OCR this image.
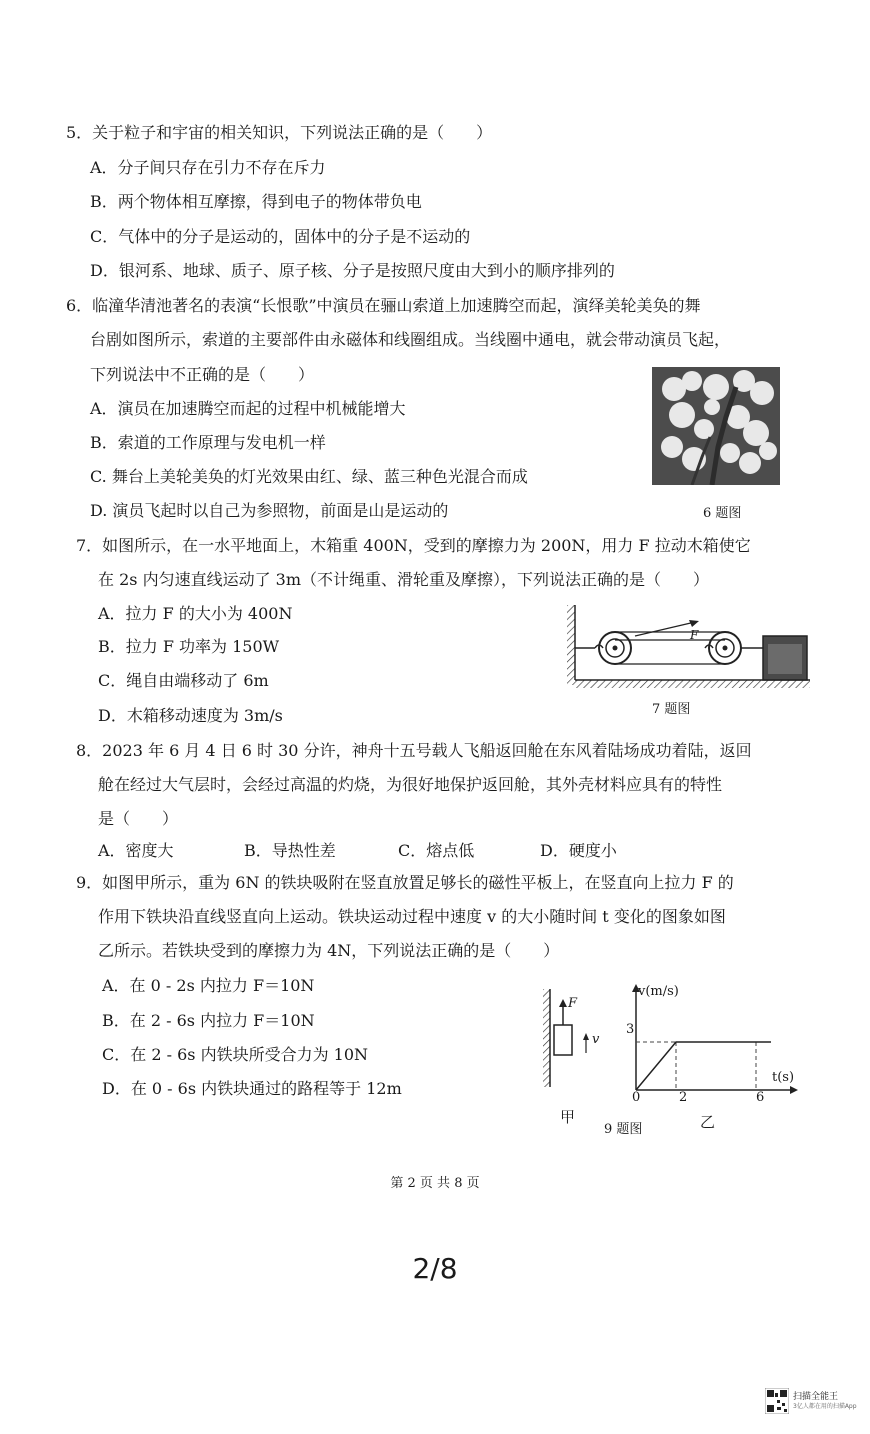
5．关于粒子和宇宙的相关知识，下列说法正确的是（　　）
A．分子间只存在引力不存在斥力
B．两个物体相互摩擦，得到电子的物体带负电
C．气体中的分子是运动的，固体中的分子是不运动的
D．银河系、地球、质子、原子核、分子是按照尺度由大到小的顺序排列的
6．临潼华清池著名的表演“长恨歌”中演员在骊山索道上加速腾空而起，演绎美轮美奂的舞
台剧如图所示，索道的主要部件由永磁体和线圈组成。当线圈中通电，就会带动演员飞起，
下列说法中不正确的是（　　）
A．演员在加速腾空而起的过程中机械能增大
B．索道的工作原理与发电机一样
C. 舞台上美轮美奂的灯光效果由红、绿、蓝三种色光混合而成
D. 演员飞起时以自己为参照物，前面是山是运动的	6 题图
7．如图所示，在一水平地面上，木箱重 400N，受到的摩擦力为 200N，用力 F 拉动木箱使它
在 2s 内匀速直线运动了 3m（不计绳重、滑轮重及摩擦），下列说法正确的是（　　）
A．拉力 F 的大小为 400N
B．拉力 F 功率为 150W
C．绳自由端移动了 6m
D．木箱移动速度为 3m/s
F
7 题图
8．2023 年 6 月 4 日 6 时 30 分许，神舟十五号载人飞船返回舱在东风着陆场成功着陆，返回
舱在经过大气层时，会经过高温的灼烧，为很好地保护返回舱，其外壳材料应具有的特性
是（　　）
A．密度大	B．导热性差	C．熔点低	D．硬度小
9．如图甲所示，重为 6N 的铁块吸附在竖直放置足够长的磁性平板上，在竖直向上拉力 F 的
作用下铁块沿直线竖直向上运动。铁块运动过程中速度 v 的大小随时间 t 变化的图象如图
乙所示。若铁块受到的摩擦力为 4N，下列说法正确的是（　　）
A．在 0 - 2s 内拉力 F＝10N
B．在 2 - 6s 内拉力 F＝10N
C．在 2 - 6s 内铁块所受合力为 10N
D．在 0 - 6s 内铁块通过的路程等于 12m
F
v
甲
v(m/s)
t(s)
3
0	2	6
乙
9 题图
第 2 页 共 8 页
2/8
扫描全能王
3亿人都在用的扫描App
